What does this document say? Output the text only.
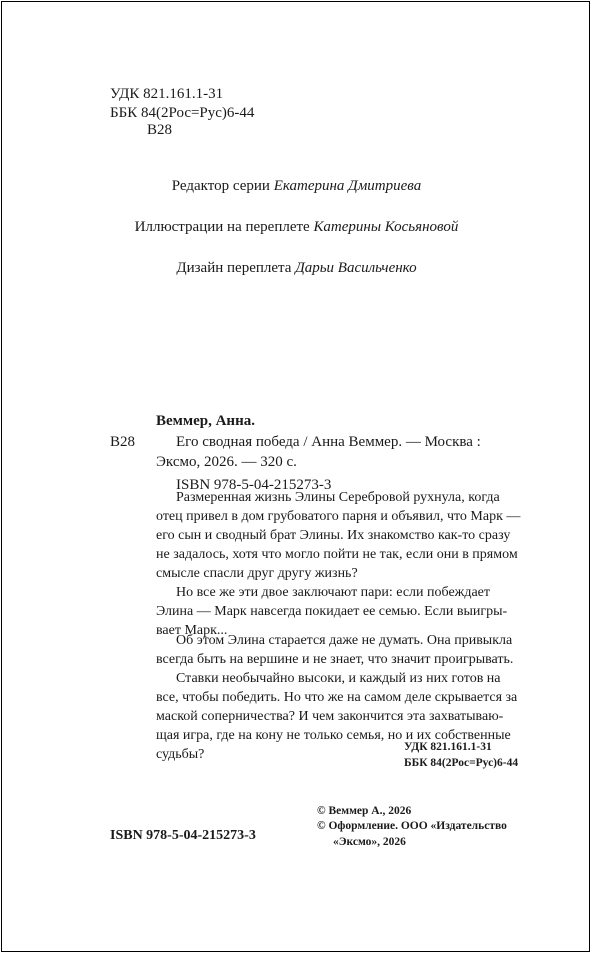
УДК 821.161.1-31
ББК 84(2Рос=Рус)6-44
В28
Редактор серии Екатерина Дмитриева
Иллюстрации на переплете Катерины Косьяновой
Дизайн переплета Дарьи Васильченко
Веммер, Анна.
В28	Его сводная победа / Анна Веммер. — Москва :
Эксмо, 2026. — 320 с.
ISBN 978-5-04-215273-3
Размеренная жизнь Элины Серебровой рухнула, когда
отец привел в дом грубоватого парня и объявил, что Марк —
его сын и сводный брат Элины. Их знакомство как-то сразу
не задалось, хотя что могло пойти не так, если они в прямом
смысле спасли друг другу жизнь?
Но все же эти двое заключают пари: если побеждает
Элина — Марк навсегда покидает ее семью. Если выигры-
вает Марк...
Об этом Элина старается даже не думать. Она привыкла
всегда быть на вершине и не знает, что значит проигрывать.
Ставки необычайно высоки, и каждый из них готов на
все, чтобы победить. Но что же на самом деле скрывается за
маской соперничества? И чем закончится эта захватываю-
щая игра, где на кону не только семья, но и их собственные
судьбы?
УДК 821.161.1-31
ББК 84(2Рос=Рус)6-44
ISBN 978-5-04-215273-3
© Веммер А., 2026
© Оформление. ООО «Издательство
«Эксмо», 2026
